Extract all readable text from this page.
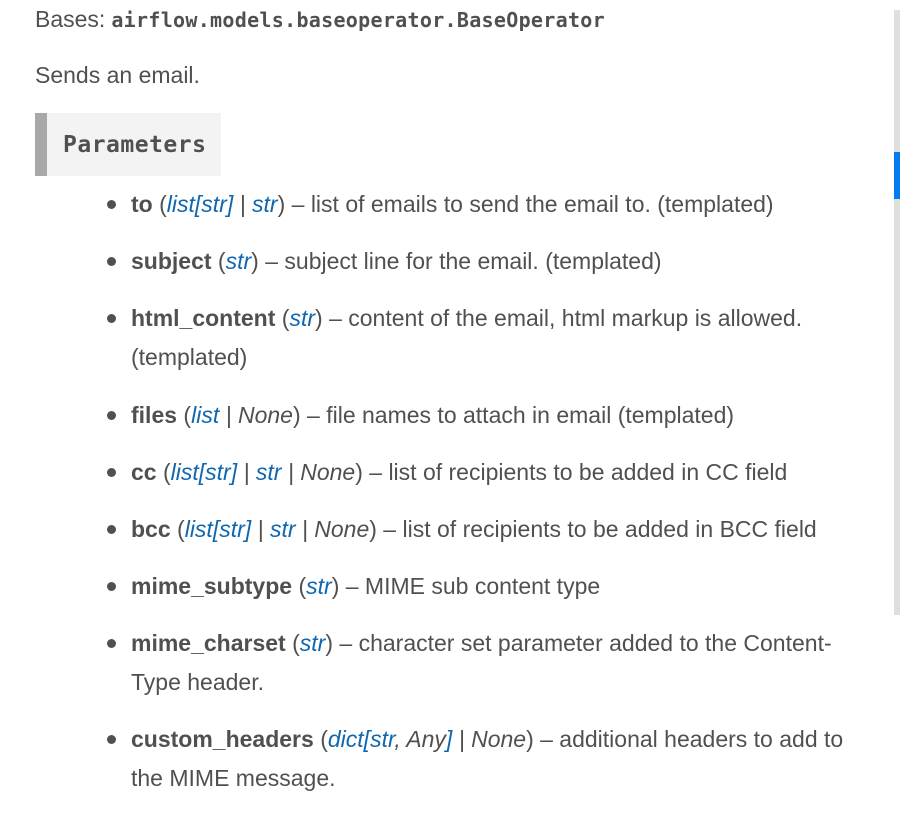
Bases: airflow.models.baseoperator.BaseOperator
Sends an email.
Parameters
to (list[str] | str) – list of emails to send the email to. (templated)
subject (str) – subject line for the email. (templated)
html_content (str) – content of the email, html markup is allowed.
(templated)
files (list | None) – file names to attach in email (templated)
cc (list[str] | str | None) – list of recipients to be added in CC field
bcc (list[str] | str | None) – list of recipients to be added in BCC field
mime_subtype (str) – MIME sub content type
mime_charset (str) – character set parameter added to the Content-
Type header.
custom_headers (dict[str, Any] | None) – additional headers to add to
the MIME message.
